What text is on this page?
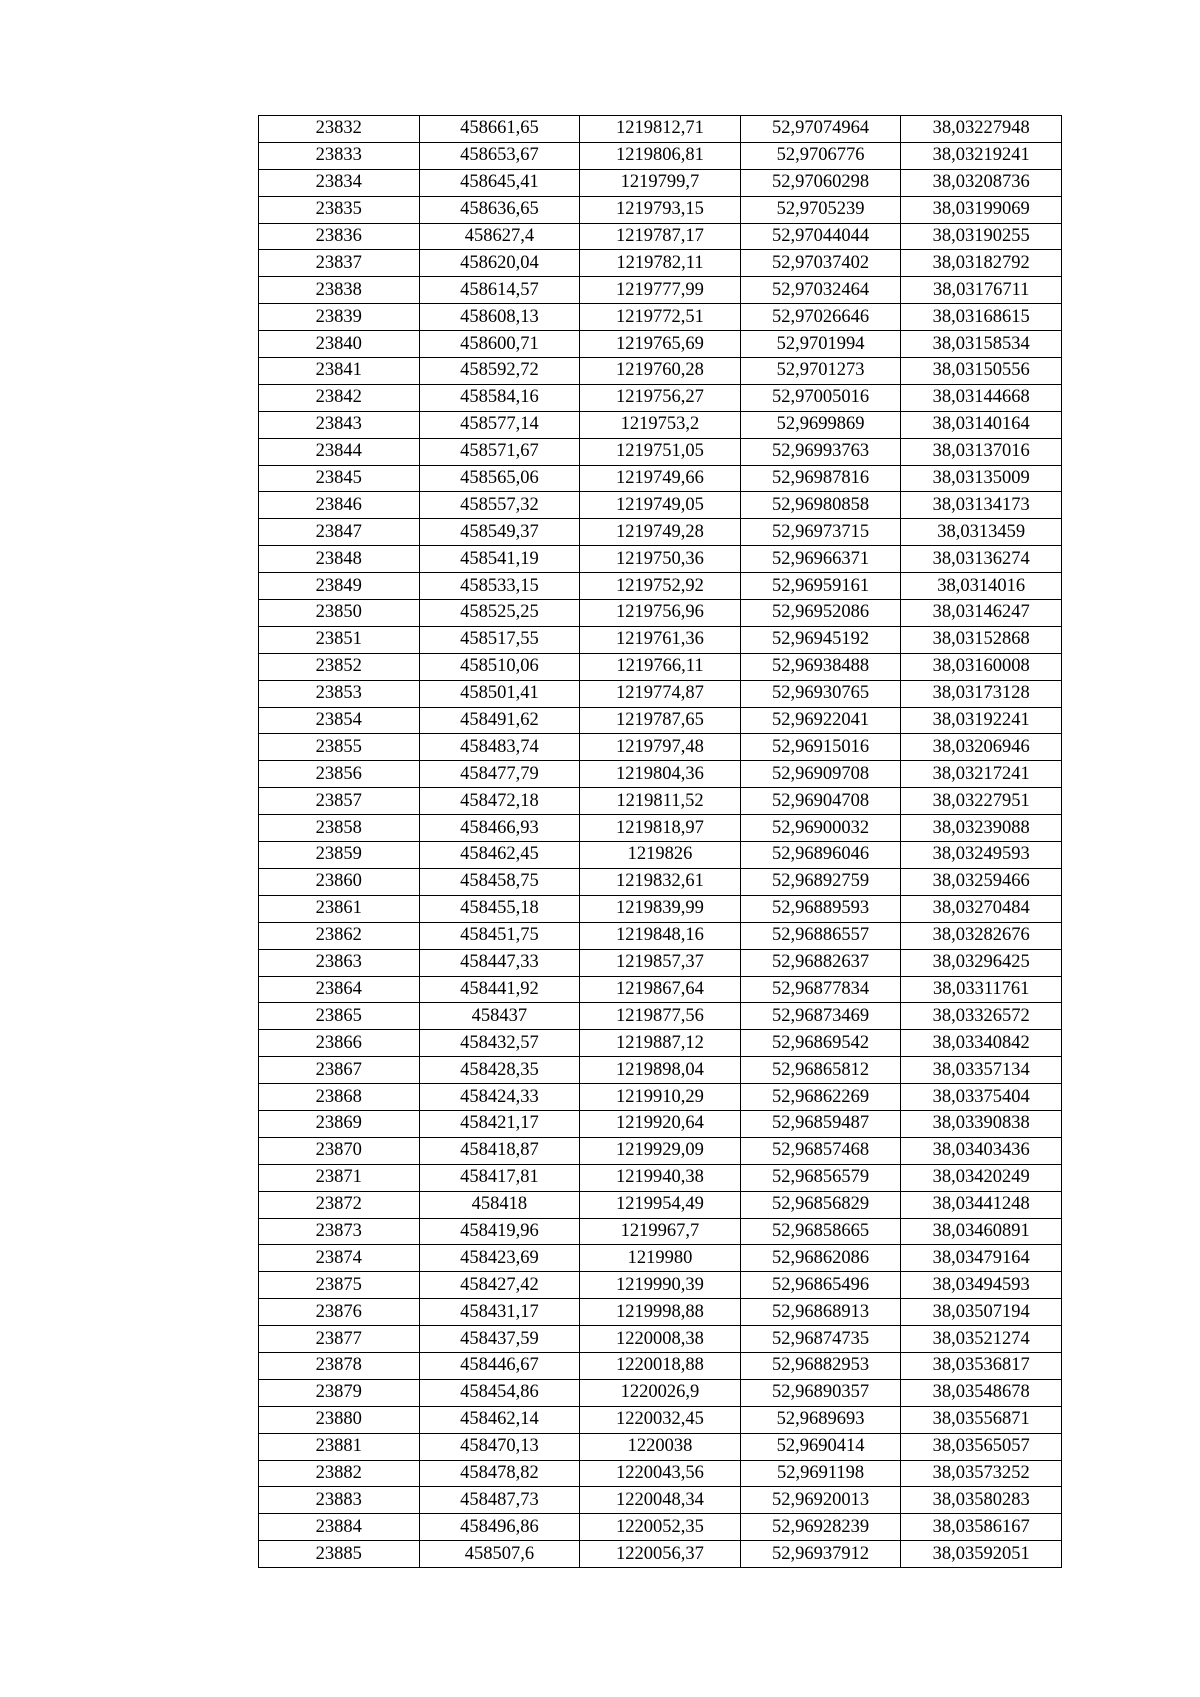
23832	458661,65	1219812,71	52,97074964	38,03227948
23833	458653,67	1219806,81	52,9706776	38,03219241
23834	458645,41	1219799,7	52,97060298	38,03208736
23835	458636,65	1219793,15	52,9705239	38,03199069
23836	458627,4	1219787,17	52,97044044	38,03190255
23837	458620,04	1219782,11	52,97037402	38,03182792
23838	458614,57	1219777,99	52,97032464	38,03176711
23839	458608,13	1219772,51	52,97026646	38,03168615
23840	458600,71	1219765,69	52,9701994	38,03158534
23841	458592,72	1219760,28	52,9701273	38,03150556
23842	458584,16	1219756,27	52,97005016	38,03144668
23843	458577,14	1219753,2	52,9699869	38,03140164
23844	458571,67	1219751,05	52,96993763	38,03137016
23845	458565,06	1219749,66	52,96987816	38,03135009
23846	458557,32	1219749,05	52,96980858	38,03134173
23847	458549,37	1219749,28	52,96973715	38,0313459
23848	458541,19	1219750,36	52,96966371	38,03136274
23849	458533,15	1219752,92	52,96959161	38,0314016
23850	458525,25	1219756,96	52,96952086	38,03146247
23851	458517,55	1219761,36	52,96945192	38,03152868
23852	458510,06	1219766,11	52,96938488	38,03160008
23853	458501,41	1219774,87	52,96930765	38,03173128
23854	458491,62	1219787,65	52,96922041	38,03192241
23855	458483,74	1219797,48	52,96915016	38,03206946
23856	458477,79	1219804,36	52,96909708	38,03217241
23857	458472,18	1219811,52	52,96904708	38,03227951
23858	458466,93	1219818,97	52,96900032	38,03239088
23859	458462,45	1219826	52,96896046	38,03249593
23860	458458,75	1219832,61	52,96892759	38,03259466
23861	458455,18	1219839,99	52,96889593	38,03270484
23862	458451,75	1219848,16	52,96886557	38,03282676
23863	458447,33	1219857,37	52,96882637	38,03296425
23864	458441,92	1219867,64	52,96877834	38,03311761
23865	458437	1219877,56	52,96873469	38,03326572
23866	458432,57	1219887,12	52,96869542	38,03340842
23867	458428,35	1219898,04	52,96865812	38,03357134
23868	458424,33	1219910,29	52,96862269	38,03375404
23869	458421,17	1219920,64	52,96859487	38,03390838
23870	458418,87	1219929,09	52,96857468	38,03403436
23871	458417,81	1219940,38	52,96856579	38,03420249
23872	458418	1219954,49	52,96856829	38,03441248
23873	458419,96	1219967,7	52,96858665	38,03460891
23874	458423,69	1219980	52,96862086	38,03479164
23875	458427,42	1219990,39	52,96865496	38,03494593
23876	458431,17	1219998,88	52,96868913	38,03507194
23877	458437,59	1220008,38	52,96874735	38,03521274
23878	458446,67	1220018,88	52,96882953	38,03536817
23879	458454,86	1220026,9	52,96890357	38,03548678
23880	458462,14	1220032,45	52,9689693	38,03556871
23881	458470,13	1220038	52,9690414	38,03565057
23882	458478,82	1220043,56	52,9691198	38,03573252
23883	458487,73	1220048,34	52,96920013	38,03580283
23884	458496,86	1220052,35	52,96928239	38,03586167
23885	458507,6	1220056,37	52,96937912	38,03592051
